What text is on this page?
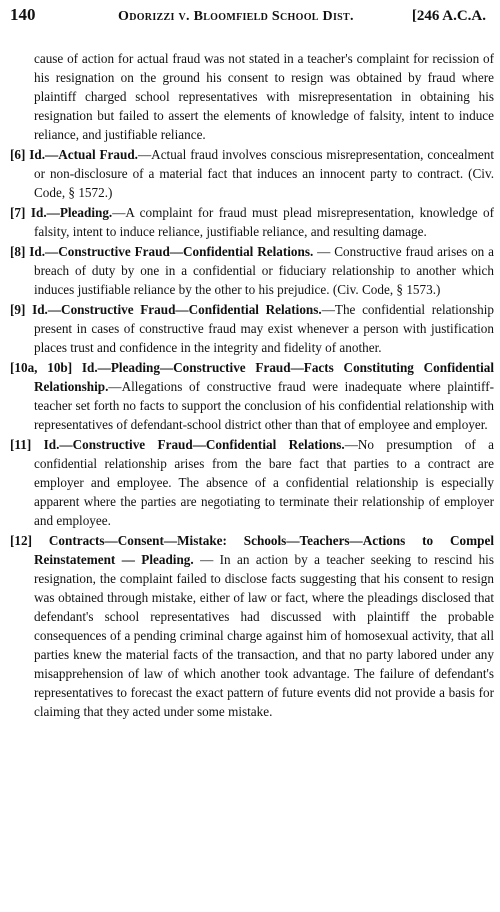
140	Odorizzi v. Bloomfield School Dist.	[246 A.C.A.

cause of action for actual fraud was not stated in a teacher's complaint for recission of his resignation on the ground his consent to resign was obtained by fraud where plaintiff charged school representatives with misrepresentation in obtaining his resignation but failed to assert the elements of knowledge of falsity, intent to induce reliance, and justifiable reliance.

[6] Id.—Actual Fraud.—Actual fraud involves conscious misrepresentation, concealment or non-disclosure of a material fact that induces an innocent party to contract. (Civ. Code, § 1572.)

[7] Id.—Pleading.—A complaint for fraud must plead misrepresentation, knowledge of falsity, intent to induce reliance, justifiable reliance, and resulting damage.

[8] Id.—Constructive Fraud—Confidential Relations. — Constructive fraud arises on a breach of duty by one in a confidential or fiduciary relationship to another which induces justifiable reliance by the other to his prejudice. (Civ. Code, § 1573.)

[9] Id.—Constructive Fraud—Confidential Relations.—The confidential relationship present in cases of constructive fraud may exist whenever a person with justification places trust and confidence in the integrity and fidelity of another.

[10a, 10b] Id.—Pleading—Constructive Fraud—Facts Constituting Confidential Relationship.—Allegations of constructive fraud were inadequate where plaintiff-teacher set forth no facts to support the conclusion of his confidential relationship with representatives of defendant-school district other than that of employee and employer.

[11] Id.—Constructive Fraud—Confidential Relations.—No presumption of a confidential relationship arises from the bare fact that parties to a contract are employer and employee. The absence of a confidential relationship is especially apparent where the parties are negotiating to terminate their relationship of employer and employee.

[12] Contracts—Consent—Mistake: Schools—Teachers—Actions to Compel Reinstatement — Pleading. — In an action by a teacher seeking to rescind his resignation, the complaint failed to disclose facts suggesting that his consent to resign was obtained through mistake, either of law or fact, where the pleadings disclosed that defendant's school representatives had discussed with plaintiff the probable consequences of a pending criminal charge against him of homosexual activity, that all parties knew the material facts of the transaction, and that no party labored under any misapprehension of law of which another took advantage. The failure of defendant's representatives to forecast the exact pattern of future events did not provide a basis for claiming that they acted under some mistake.
